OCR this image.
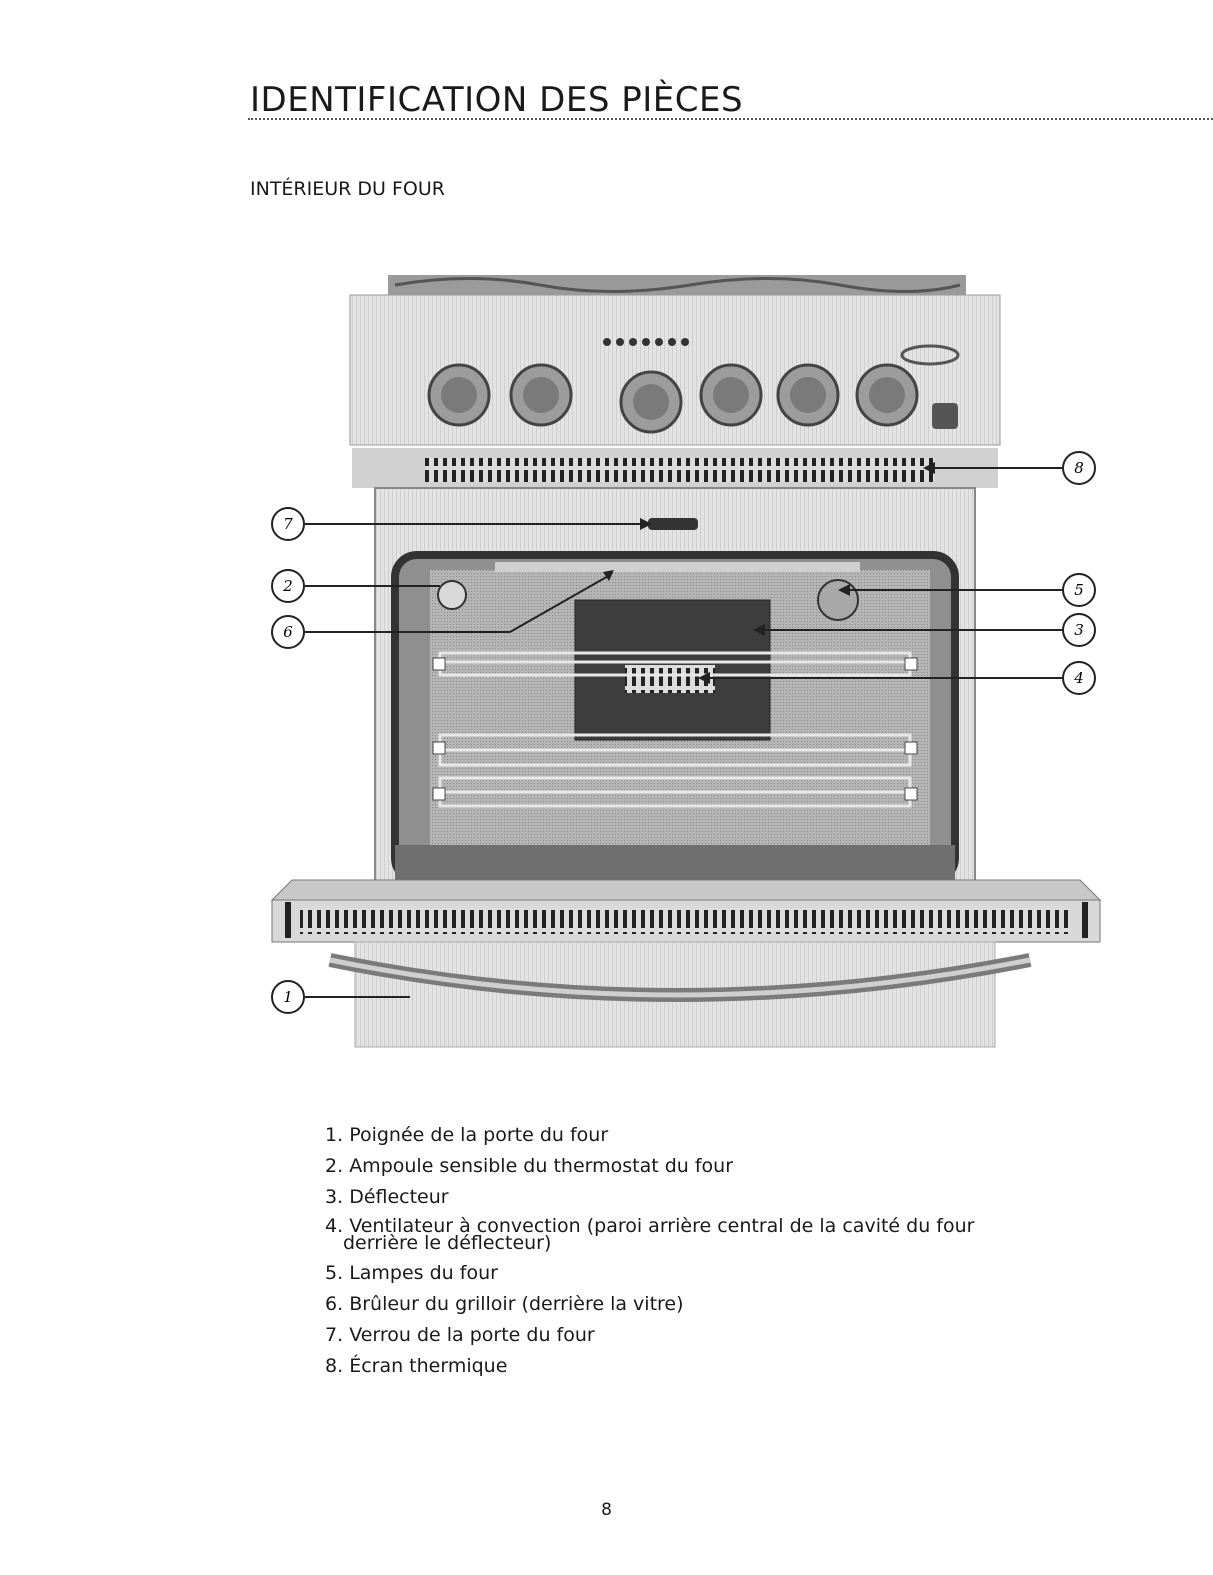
IDENTIFICATION DES PIÈCES
INTÉRIEUR DU FOUR
7
2
6
1
8
5
3
4
1. Poignée de la porte du four
2. Ampoule sensible du thermostat du four
3. Déflecteur
4. Ventilateur à convection (paroi arrière central de la cavité du four
derrière le déflecteur)
5. Lampes du four
6. Brûleur du grilloir (derrière la vitre)
7. Verrou de la porte du four
8. Écran thermique
8
